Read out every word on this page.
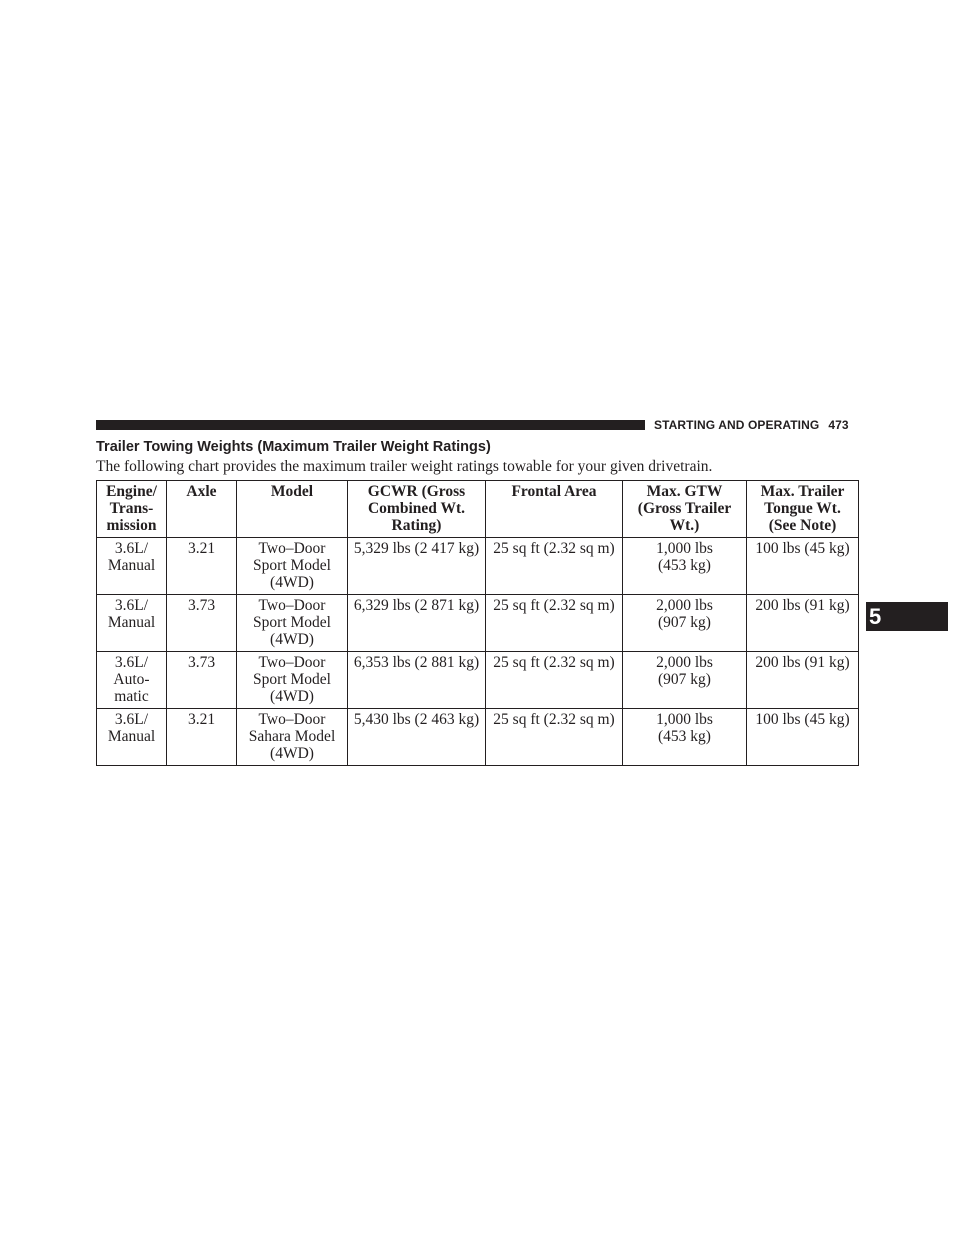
STARTING AND OPERATING 473
5
Trailer Towing Weights (Maximum Trailer Weight Ratings)
The following chart provides the maximum trailer weight ratings towable for your given drivetrain.
Engine/
Trans-
mission	Axle	Model	GCWR (Gross
Combined Wt.
Rating)	Frontal Area	Max. GTW
(Gross Trailer
Wt.)	Max. Trailer
Tongue Wt.
(See Note)

3.6L/
Manual	3.21	Two–Door
Sport Model
(4WD)	5,329 lbs (2 417 kg)	25 sq ft (2.32 sq m)	1,000 lbs
(453 kg)	100 lbs (45 kg)

3.6L/
Manual	3.73	Two–Door
Sport Model
(4WD)	6,329 lbs (2 871 kg)	25 sq ft (2.32 sq m)	2,000 lbs
(907 kg)	200 lbs (91 kg)

3.6L/
Auto-
matic	3.73	Two–Door
Sport Model
(4WD)	6,353 lbs (2 881 kg)	25 sq ft (2.32 sq m)	2,000 lbs
(907 kg)	200 lbs (91 kg)

3.6L/
Manual	3.21	Two–Door
Sahara Model
(4WD)	5,430 lbs (2 463 kg)	25 sq ft (2.32 sq m)	1,000 lbs
(453 kg)	100 lbs (45 kg)
